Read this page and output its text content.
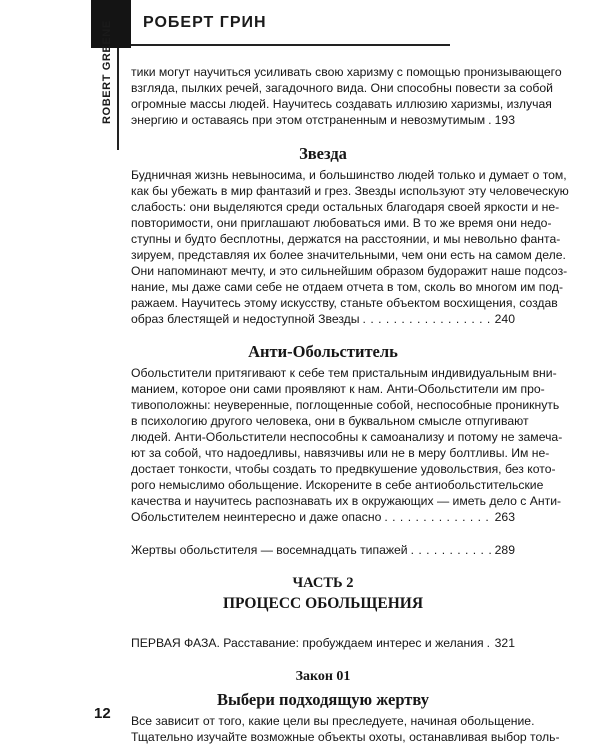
РОБЕРТ ГРИН
ROBERT GREENE тики могут научиться усиливать свою харизму с помощью пронизывающего
взгляда, пылких речей, загадочного вида. Они способны повести за собой
огромные массы людей. Научитесь создавать иллюзию харизмы, излучая

энергию и оставаясь при этом отстраненным и невозмутимым . . . 193
Звезда

Будничная жизнь невыносима, и большинство людей только и думает о том,
как бы убежать в мир фантазий и грез. Звезды используют эту человеческую
слабость: они выделяются среди остальных благодаря своей яркости и не-
повторимости, они приглашают любоваться ими. В то же время они недо-
ступны и будто бесплотны, держатся на расстоянии, и мы невольно фанта-
зируем, представляя их более значительными, чем они есть на самом деле.
Они напоминают мечту, и это сильнейшим образом будоражит наше подсоз-
нание, мы даже сами себе не отдаем отчета в том, сколь во многом им под-
ражаем. Научитесь этому искусству, станьте объектом восхищения, создав

образ блестящей и недоступной Звезды . . .	240
Анти-Обольститель

Обольстители притягивают к себе тем пристальным индивидуальным вни-
манием, которое они сами проявляют к нам. Анти-Обольстители им про-
тивоположны: неуверенные, поглощенные собой, неспособные проникнуть
в психологию другого человека, они в буквальном смысле отпугивают
людей. Анти-Обольстители неспособны к самоанализу и потому не замеча-
ют за собой, что надоедливы, навязчивы или не в меру болтливы. Им не-
достает тонкости, чтобы создать то предвкушение удовольствия, без кото-
рого немыслимо обольщение. Искорените в себе антиобольстительские
качества и научитесь распознавать их в окружающих — иметь дело с Анти-

Обольстителем неинтересно и даже опасно . . .	263
Жертвы обольстителя — восемнадцать типажей . . .	289
ЧАСТЬ 2
ПРОЦЕСС ОБОЛЬЩЕНИЯ
ПЕРВАЯ ФАЗА. Расставание: пробуждаем интерес и желания . . . 321
Закон 01
Выбери подходящую жертву

Все зависит от того, какие цели вы преследуете, начиная обольщение.
Тщательно изучайте возможные объекты охоты, останавливая выбор толь-

12
